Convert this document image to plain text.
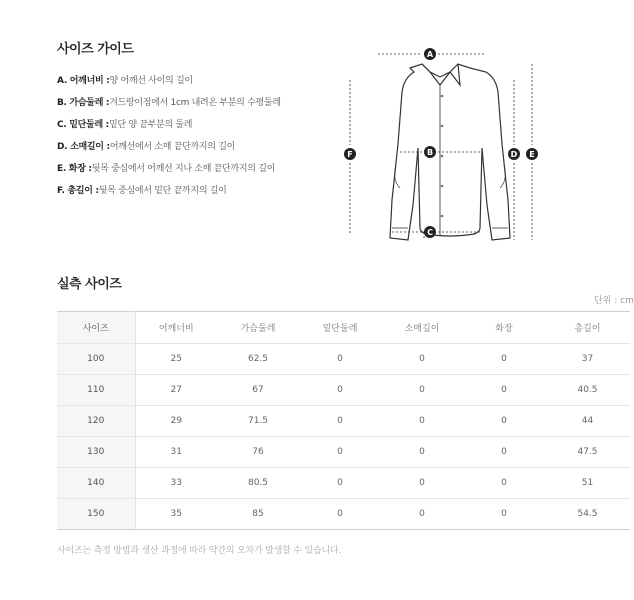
사이즈 가이드
A. 어깨너비 :양 어깨선 사이의 길이
B. 가슴둘레 :겨드랑이점에서 1cm 내려온 부분의 수평둘레
C. 밑단둘레 :밑단 양 끝부분의 둘레
D. 소매길이 :어깨선에서 소매 끝단까지의 길이
E. 화장 :뒷목 중심에서 어깨선 지나 소매 끝단까지의 길이
F. 총길이 :뒷목 중심에서 밑단 끝까지의 길이
A
B
C
D E
F
실측 사이즈
단위 : cm
사이즈	어깨너비	가슴둘레	밑단둘레	소매길이	화장	총길이
100	25	62.5	0	0	0	37
110	27	67	0	0	0	40.5
120	29	71.5	0	0	0	44
130	31	76	0	0	0	47.5
140	33	80.5	0	0	0	51
150	35	85	0	0	0	54.5
사이즈는 측정 방법과 생산 과정에 따라 약간의 오차가 발생할 수 있습니다.
